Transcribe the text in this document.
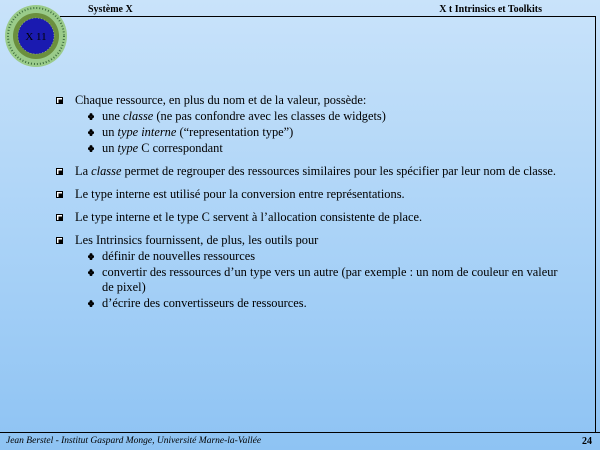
X 11
Système X	X t Intrinsics et Toolkits
Chaque ressource, en plus du nom et de la valeur, possède:
une classe (ne pas confondre avec les classes de widgets)
un type interne (“representation type”)
un type C correspondant
La classe permet de regrouper des ressources similaires pour les spécifier par leur nom de classe.
Le type interne est utilisé pour la conversion entre représentations.
Le type interne et le type C servent à l’allocation consistente de place.
Les Intrinsics fournissent, de plus, les outils pour
définir de nouvelles ressources
convertir des ressources d’un type vers un autre (par exemple : un nom de couleur en valeur de pixel)
d’écrire des convertisseurs de ressources.
Jean Berstel - Institut Gaspard Monge, Université Marne-la-Vallée	24
